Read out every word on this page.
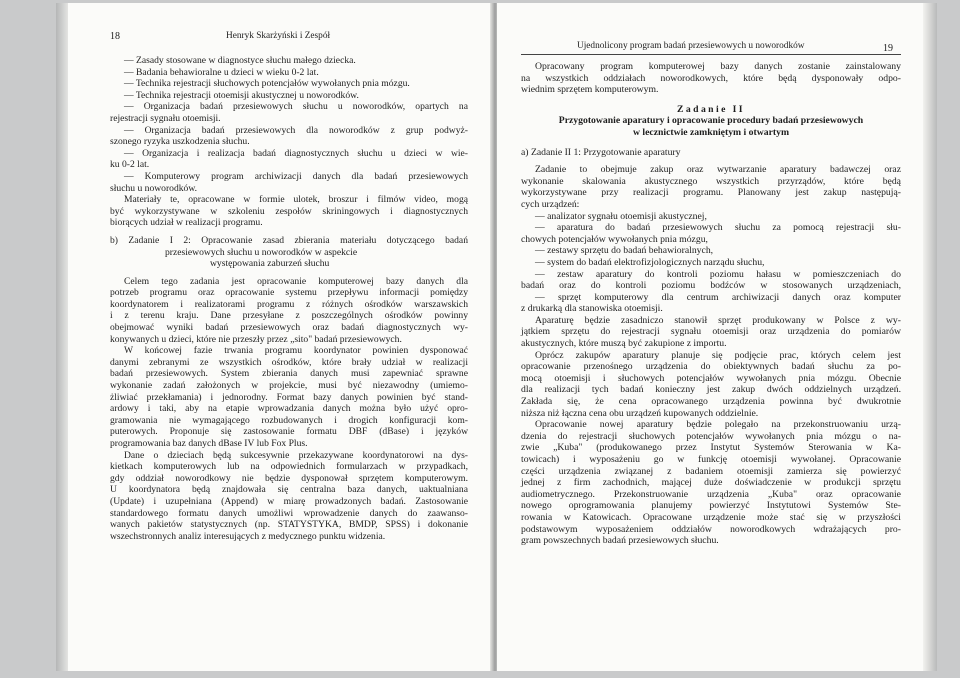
18	Henryk Skarżyński i Zespół
— Zasady stosowane w diagnostyce słuchu małego dziecka.
— Badania behawioralne u dzieci w wieku 0-2 lat.
— Technika rejestracji słuchowych potencjałów wywołanych pnia mózgu.
— Technika rejestracji otoemisji akustycznej u noworodków.
— Organizacja badań przesiewowych słuchu u noworodków, opartych na
rejestracji sygnału otoemisji.
— Organizacja badań przesiewowych dla noworodków z grup podwyż-
szonego ryzyka uszkodzenia słuchu.
— Organizacja i realizacja badań diagnostycznych słuchu u dzieci w wie-
ku 0-2 lat.
— Komputerowy program archiwizacji danych dla badań przesiewowych
słuchu u noworodków.
Materiały te, opracowane w formie ulotek, broszur i filmów video, mogą
być wykorzystywane w szkoleniu zespołów skriningowych i diagnostycznych
biorących udział w realizacji programu.
b) Zadanie I 2: Opracowanie zasad zbierania materiału dotyczącego badań
przesiewowych słuchu u noworodków w aspekcie
występowania zaburzeń słuchu
Celem tego zadania jest opracowanie komputerowej bazy danych dla
potrzeb programu oraz opracowanie systemu przepływu informacji pomiędzy
koordynatorem i realizatorami programu z różnych ośrodków warszawskich
i z terenu kraju. Dane przesyłane z poszczególnych ośrodków powinny
obejmować wyniki badań przesiewowych oraz badań diagnostycznych wy-
konywanych u dzieci, które nie przeszły przez „sito" badań przesiewowych.
W końcowej fazie trwania programu koordynator powinien dysponować
danymi zebranymi ze wszystkich ośrodków, które brały udział w realizacji
badań przesiewowych. System zbierania danych musi zapewniać sprawne
wykonanie zadań założonych w projekcie, musi być niezawodny (umiemo-
żliwiać przekłamania) i jednorodny. Format bazy danych powinien być stand-
ardowy i taki, aby na etapie wprowadzania danych można było użyć opro-
gramowania nie wymagającego rozbudowanych i drogich konfiguracji kom-
puterowych. Proponuje się zastosowanie formatu DBF (dBase) i języków
programowania baz danych dBase IV lub Fox Plus.
Dane o dzieciach będą sukcesywnie przekazywane koordynatorowi na dys-
kietkach komputerowych lub na odpowiednich formularzach w przypadkach,
gdy oddział noworodkowy nie będzie dysponował sprzętem komputerowym.
U koordynatora będą znajdowała się centralna baza danych, uaktualniana
(Update) i uzupełniana (Append) w miarę prowadzonych badań. Zastosowanie
standardowego formatu danych umożliwi wprowadzenie danych do zaawanso-
wanych pakietów statystycznych (np. STATYSTYKA, BMDP, SPSS) i dokonanie
wszechstronnych analiz interesujących z medycznego punktu widzenia.
Ujednolicony program badań przesiewowych u noworodków	19
Opracowany program komputerowej bazy danych zostanie zainstalowany
na wszystkich oddziałach noworodkowych, które będą dysponowały odpo-
wiednim sprzętem komputerowym.
Zadanie II
Przygotowanie aparatury i opracowanie procedury badań przesiewowych
w lecznictwie zamkniętym i otwartym
a) Zadanie II 1: Przygotowanie aparatury
Zadanie to obejmuje zakup oraz wytwarzanie aparatury badawczej oraz
wykonanie skalowania akustycznego wszystkich przyrządów, które będą
wykorzystywane przy realizacji programu. Planowany jest zakup następują-
cych urządzeń:
— analizator sygnału otoemisji akustycznej,
— aparatura do badań przesiewowych słuchu za pomocą rejestracji słu-
chowych potencjałów wywołanych pnia mózgu,
— zestawy sprzętu do badań behawioralnych,
— system do badań elektrofizjologicznych narządu słuchu,
— zestaw aparatury do kontroli poziomu hałasu w pomieszczeniach do
badań oraz do kontroli poziomu bodźców w stosowanych urządzeniach,
— sprzęt komputerowy dla centrum archiwizacji danych oraz komputer
z drukarką dla stanowiska otoemisji.
Aparaturę będzie zasadniczo stanowił sprzęt produkowany w Polsce z wy-
jątkiem sprzętu do rejestracji sygnału otoemisji oraz urządzenia do pomiarów
akustycznych, które muszą być zakupione z importu.
Oprócz zakupów aparatury planuje się podjęcie prac, których celem jest
opracowanie przenośnego urządzenia do obiektywnych badań słuchu za po-
mocą otoemisji i słuchowych potencjałów wywołanych pnia mózgu. Obecnie
dla realizacji tych badań konieczny jest zakup dwóch oddzielnych urządzeń.
Zakłada się, że cena opracowanego urządzenia powinna być dwukrotnie
niższa niż łączna cena obu urządzeń kupowanych oddzielnie.
Opracowanie nowej aparatury będzie polegało na przekonstruowaniu urzą-
dzenia do rejestracji słuchowych potencjałów wywołanych pnia mózgu o na-
zwie „Kuba" (produkowanego przez Instytut Systemów Sterowania w Ka-
towicach) i wyposażeniu go w funkcję otoemisji wywołanej. Opracowanie
części urządzenia związanej z badaniem otoemisji zamierza się powierzyć
jednej z firm zachodnich, mającej duże doświadczenie w produkcji sprzętu
audiometrycznego. Przekonstruowanie urządzenia „Kuba" oraz opracowanie
nowego oprogramowania planujemy powierzyć Instytutowi Systemów Ste-
rowania w Katowicach. Opracowane urządzenie może stać się w przyszłości
podstawowym wyposażeniem oddziałów noworodkowych wdrażających pro-
gram powszechnych badań przesiewowych słuchu.
